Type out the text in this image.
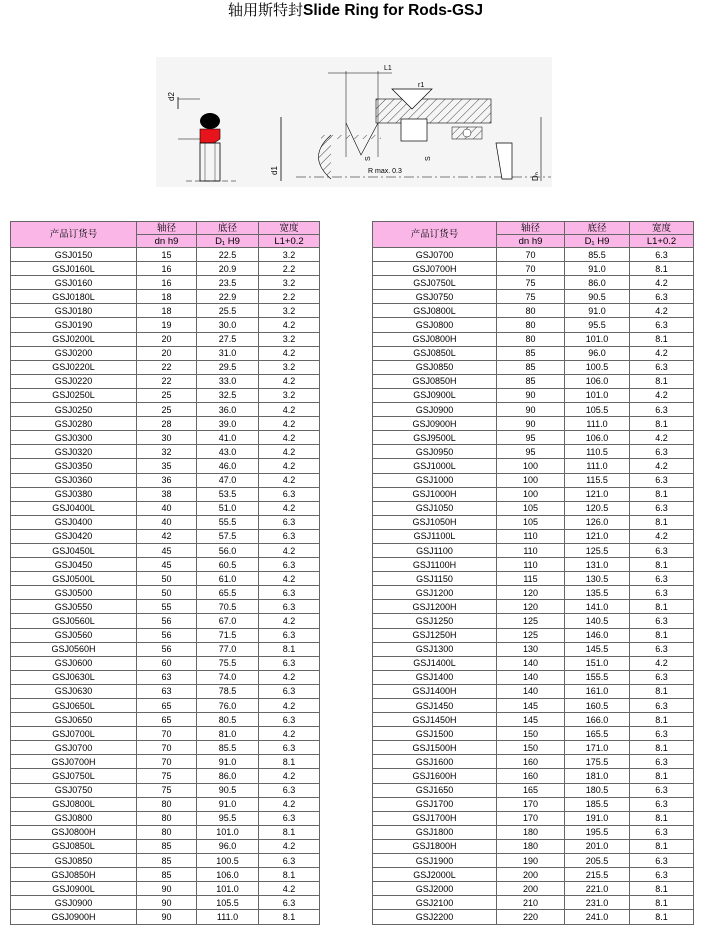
轴用斯特封Slide Ring for Rods-GSJ
d2
d1
r1
L1
S	S
R max. 0.3
Dₙ
产品订货号	轴径	底径	宽度
	dn h9	D₁ H9	L1+0.2
GSJ0150	15	22.5	3.2
GSJ0160L	16	20.9	2.2
GSJ0160	16	23.5	3.2
GSJ0180L	18	22.9	2.2
GSJ0180	18	25.5	3.2
GSJ0190	19	30.0	4.2
GSJ0200L	20	27.5	3.2
GSJ0200	20	31.0	4.2
GSJ0220L	22	29.5	3.2
GSJ0220	22	33.0	4.2
GSJ0250L	25	32.5	3.2
GSJ0250	25	36.0	4.2
GSJ0280	28	39.0	4.2
GSJ0300	30	41.0	4.2
GSJ0320	32	43.0	4.2
GSJ0350	35	46.0	4.2
GSJ0360	36	47.0	4.2
GSJ0380	38	53.5	6.3
GSJ0400L	40	51.0	4.2
GSJ0400	40	55.5	6.3
GSJ0420	42	57.5	6.3
GSJ0450L	45	56.0	4.2
GSJ0450	45	60.5	6.3
GSJ0500L	50	61.0	4.2
GSJ0500	50	65.5	6.3
GSJ0550	55	70.5	6.3
GSJ0560L	56	67.0	4.2
GSJ0560	56	71.5	6.3
GSJ0560H	56	77.0	8.1
GSJ0600	60	75.5	6.3
GSJ0630L	63	74.0	4.2
GSJ0630	63	78.5	6.3
GSJ0650L	65	76.0	4.2
GSJ0650	65	80.5	6.3
GSJ0700L	70	81.0	4.2
GSJ0700	70	85.5	6.3
GSJ0700H	70	91.0	8.1
GSJ0750L	75	86.0	4.2
GSJ0750	75	90.5	6.3
GSJ0800L	80	91.0	4.2
GSJ0800	80	95.5	6.3
GSJ0800H	80	101.0	8.1
GSJ0850L	85	96.0	4.2
GSJ0850	85	100.5	6.3
GSJ0850H	85	106.0	8.1
GSJ0900L	90	101.0	4.2
GSJ0900	90	105.5	6.3
GSJ0900H	90	111.0	8.1
产品订货号	轴径	底径	宽度
	dn h9	D₁ H9	L1+0.2
GSJ0700	70	85.5	6.3
GSJ0700H	70	91.0	8.1
GSJ0750L	75	86.0	4.2
GSJ0750	75	90.5	6.3
GSJ0800L	80	91.0	4.2
GSJ0800	80	95.5	6.3
GSJ0800H	80	101.0	8.1
GSJ0850L	85	96.0	4.2
GSJ0850	85	100.5	6.3
GSJ0850H	85	106.0	8.1
GSJ0900L	90	101.0	4.2
GSJ0900	90	105.5	6.3
GSJ0900H	90	111.0	8.1
GSJ9500L	95	106.0	4.2
GSJ0950	95	110.5	6.3
GSJ1000L	100	111.0	4.2
GSJ1000	100	115.5	6.3
GSJ1000H	100	121.0	8.1
GSJ1050	105	120.5	6.3
GSJ1050H	105	126.0	8.1
GSJ1100L	110	121.0	4.2
GSJ1100	110	125.5	6.3
GSJ1100H	110	131.0	8.1
GSJ1150	115	130.5	6.3
GSJ1200	120	135.5	6.3
GSJ1200H	120	141.0	8.1
GSJ1250	125	140.5	6.3
GSJ1250H	125	146.0	8.1
GSJ1300	130	145.5	6.3
GSJ1400L	140	151.0	4.2
GSJ1400	140	155.5	6.3
GSJ1400H	140	161.0	8.1
GSJ1450	145	160.5	6.3
GSJ1450H	145	166.0	8.1
GSJ1500	150	165.5	6.3
GSJ1500H	150	171.0	8.1
GSJ1600	160	175.5	6.3
GSJ1600H	160	181.0	8.1
GSJ1650	165	180.5	6.3
GSJ1700	170	185.5	6.3
GSJ1700H	170	191.0	8.1
GSJ1800	180	195.5	6.3
GSJ1800H	180	201.0	8.1
GSJ1900	190	205.5	6.3
GSJ2000L	200	215.5	6.3
GSJ2000	200	221.0	8.1
GSJ2100	210	231.0	8.1
GSJ2200	220	241.0	8.1
